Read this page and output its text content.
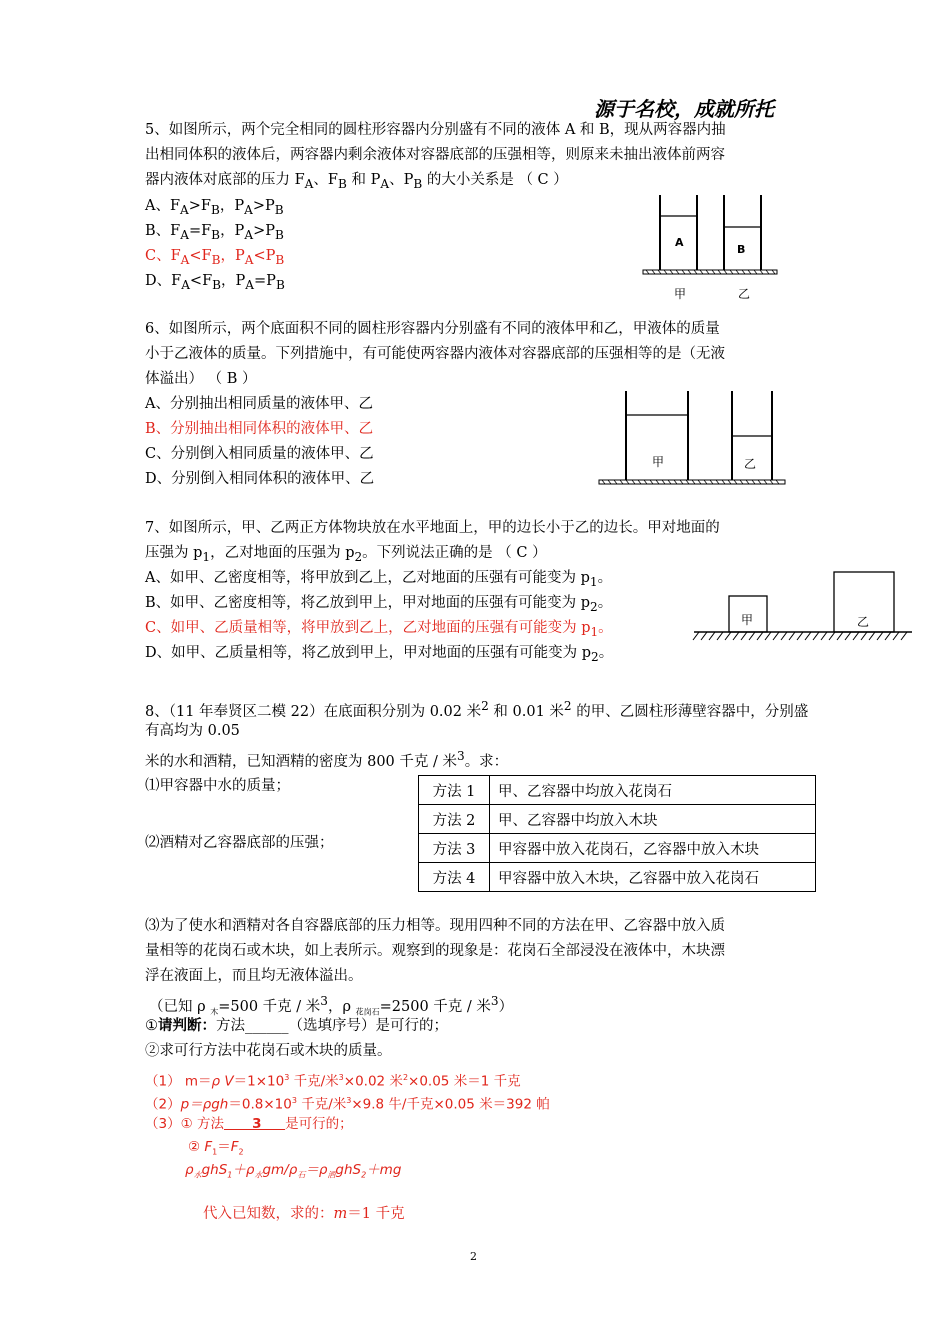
源于名校，成就所托
5、如图所示，两个完全相同的圆柱形容器内分别盛有不同的液体 A 和 B，现从两容器内抽
出相同体积的液体后，两容器内剩余液体对容器底部的压强相等，则原来未抽出液体前两容
器内液体对底部的压力 $F_A$、$F_B$ 和 $P_A$、$P_B$ 的大小关系是 （ C ）
A、$F_A>F_B$，$P_A>P_B$
B、$F_A=F_B$，$P_A>P_B$
C、$F_A<F_B$，$P_A<P_B$
D、$F_A<F_B$，$P_A=P_B$
A
B
甲	乙
6、如图所示，两个底面积不同的圆柱形容器内分别盛有不同的液体甲和乙，甲液体的质量
小于乙液体的质量。下列措施中，有可能使两容器内液体对容器底部的压强相等的是（无液
体溢出） （ B ）
A、分别抽出相同质量的液体甲、乙
B、分别抽出相同体积的液体甲、乙
C、分别倒入相同质量的液体甲、乙
D、分别倒入相同体积的液体甲、乙
甲	乙
7、如图所示，甲、乙两正方体物块放在水平地面上，甲的边长小于乙的边长。甲对地面的
压强为 $p_1$，乙对地面的压强为 $p_2$。下列说法正确的是 （ C ）
A、如甲、乙密度相等，将甲放到乙上，乙对地面的压强有可能变为 $p_1$。
B、如甲、乙密度相等，将乙放到甲上，甲对地面的压强有可能变为 $p_2$。
C、如甲、乙质量相等，将甲放到乙上，乙对地面的压强有可能变为 $p_1$。
D、如甲、乙质量相等，将乙放到甲上，甲对地面的压强有可能变为 $p_2$。
甲	乙
8、（11 年奉贤区二模 22）在底面积分别为 0.02 米$^2$ 和 0.01 米$^2$ 的甲、乙圆柱形薄壁容器中，分别盛
有高均为 0.05
米的水和酒精，已知酒精的密度为 800 千克 / 米$^3$。求：
⑴甲容器中水的质量；
⑵酒精对乙容器底部的压强；
方法 1	甲、乙容器中均放入花岗石
方法 2	甲、乙容器中均放入木块
方法 3	甲容器中放入花岗石，乙容器中放入木块
方法 4	甲容器中放入木块，乙容器中放入花岗石
⑶为了使水和酒精对各自容器底部的压力相等。现用四种不同的方法在甲、乙容器中放入质
量相等的花岗石或木块，如上表所示。观察到的现象是：花岗石全部浸没在液体中，木块漂
浮在液面上，而且均无液体溢出。
（已知 ρ $_木$=500 千克 / 米$^3$，ρ $_{花岗石}$=2500 千克 / 米$^3$）
①请判断：方法______（选填序号）是可行的；
②求可行方法中花岗石或木块的质量。
（1） m＝ρ $V=1\times 10^3$ 千克/米$^3$×0.02 米$^2$×0.05 米＝1 千克
$(2)p=\rho gh=0.8\times 10^3$ 千克/米$^3$×9.8 牛/千克×0.05 米＝392 帕
（3）① 方法      3     是可行的；
② $F_1=F_2$
$\rho_水ghS_1+\rho_水gm/\rho_石=\rho_酒ghS_2+mg$
代入已知数，求的：m＝1 千克
2
